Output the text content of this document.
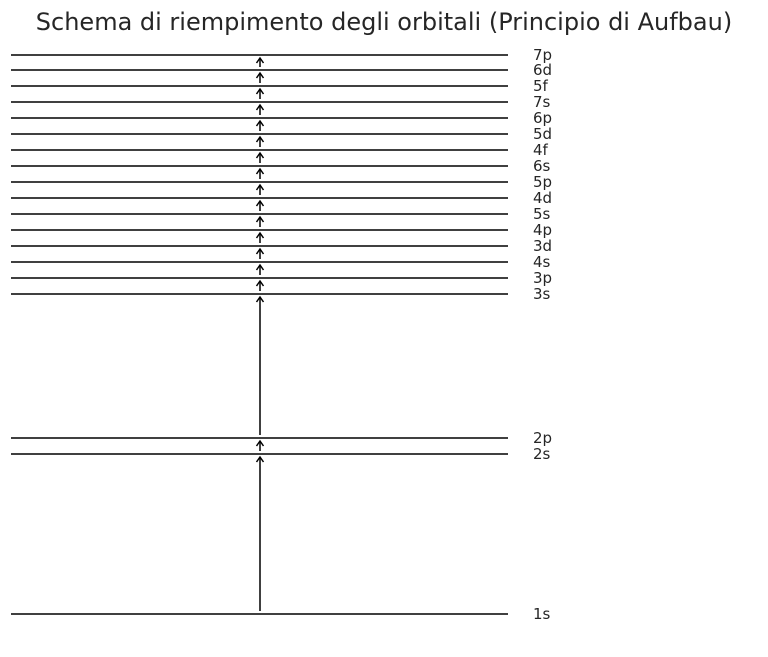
Schema di riempimento degli orbitali (Principio di Aufbau)
1s
2s
2p
3s
3p
4s
3d
4p
5s
4d
5p
6s
4f
5d
6p
7s
5f
6d
7p
